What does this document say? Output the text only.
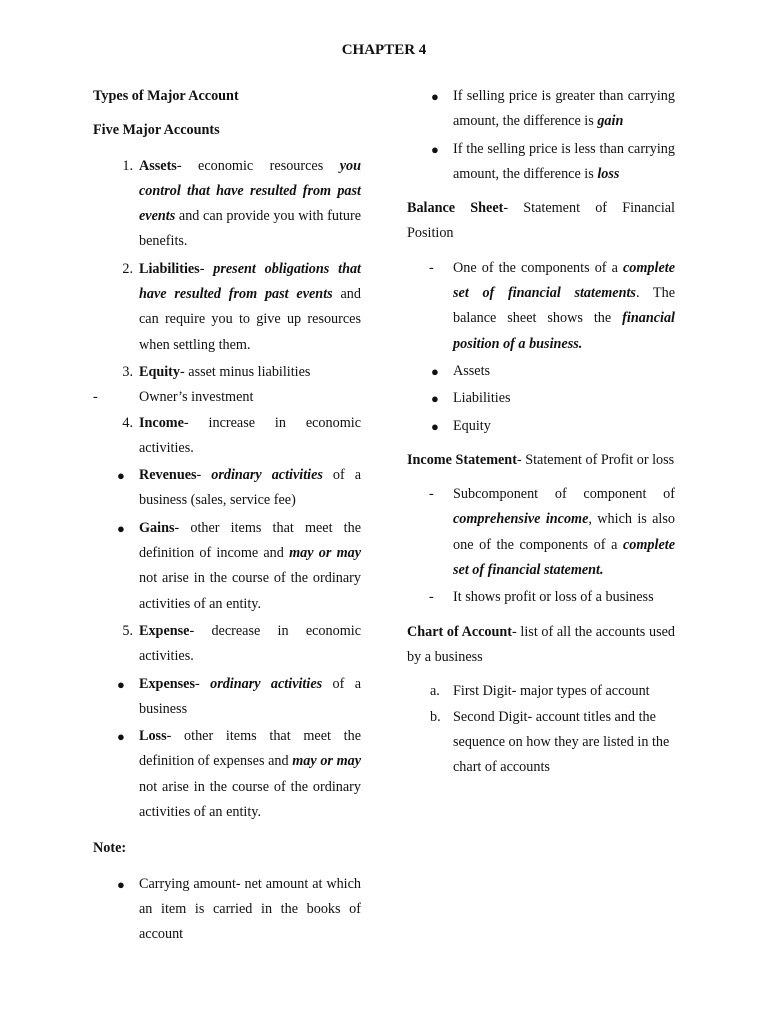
CHAPTER 4
Types of Major Account
Five Major Accounts
1. Assets- economic resources you control that have resulted from past events and can provide you with future benefits.
2. Liabilities- present obligations that have resulted from past events and can require you to give up resources when settling them.
3. Equity- asset minus liabilities
-	Owner’s investment
4. Income- increase in economic activities.
● Revenues- ordinary activities of a business (sales, service fee)
● Gains- other items that meet the definition of income and may or may not arise in the course of the ordinary activities of an entity.
5. Expense- decrease in economic activities.
● Expenses- ordinary activities of a business
● Loss- other items that meet the definition of expenses and may or may not arise in the course of the ordinary activities of an entity.
Note:
● Carrying amount- net amount at which an item is carried in the books of account
● If selling price is greater than carrying amount, the difference is gain
● If the selling price is less than carrying amount, the difference is loss
Balance Sheet- Statement of Financial Position
- One of the components of a complete set of financial statements. The balance sheet shows the financial position of a business.
● Assets
● Liabilities
● Equity
Income Statement- Statement of Profit or loss
- Subcomponent of component of comprehensive income, which is also one of the components of a complete set of financial statement.
- It shows profit or loss of a business
Chart of Account- list of all the accounts used by a business
a. First Digit- major types of account
b. Second Digit- account titles and the sequence on how they are listed in the chart of accounts
